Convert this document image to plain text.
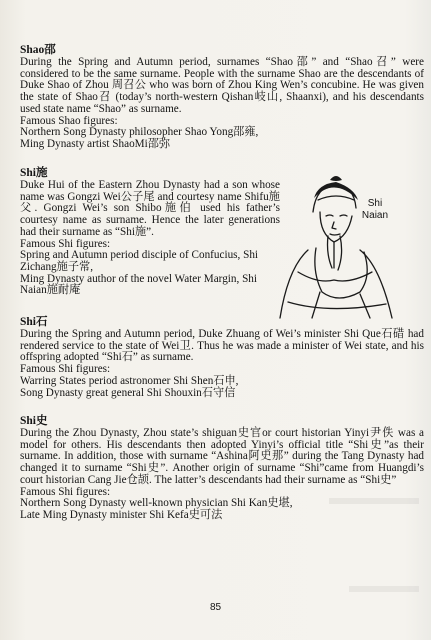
Shao邵

During the Spring and Autumn period, surnames “Shao邵” and “Shao召” were considered to be the same surname. People with the surname Shao are the descendants of Duke Shao of Zhou 周召公 who was born of Zhou King Wen’s concubine. He was given the state of Shao召 (today’s north-western Qishan岐山, Shaanxi), and his descendants used state name “Shao” as surname.

Famous Shao figures:
Northern Song Dynasty philosopher Shao Yong邵雍,
Ming Dynasty artist ShaoMi邵弥
Shi施

Duke Hui of the Eastern Zhou Dynasty had a son whose name was Gongzi Wei公子尾 and courtesy name Shifu施父. Gongzi Wei’s son Shibo施伯 used his father’s courtesy name as surname. Hence the later generations had their surname as “Shi施”.

Famous Shi figures:
Spring and Autumn period disciple of Confucius, Shi Zichang施子常,
Ming Dynasty author of the novel Water Margin, Shi Naian施耐庵
Shi
Naian
Shi石

During the Spring and Autumn period, Duke Zhuang of Wei’s minister Shi Que石碏 had rendered service to the state of Wei卫. Thus he was made a minister of Wei state, and his offspring adopted “Shi石” as surname.

Famous Shi figures:
Warring States period astronomer Shi Shen石申,
Song Dynasty great general Shi Shouxin石守信
Shi史

During the Zhou Dynasty, Zhou state’s shiguan史官or court historian Yinyi尹佚 was a model for others. His descendants then adopted Yinyi’s official title “Shi史”as their surname. In addition, those with surname “Ashina阿史那” during the Tang Dynasty had changed it to surname “Shi史”. Another origin of surname “Shi”came from Huangdi’s court historian Cang Jie仓颉. The latter’s descendants had their surname as “Shi史”

Famous Shi figures:
Northern Song Dynasty well-known physician Shi Kan史堪,
Late Ming Dynasty minister Shi Kefa史可法
85
